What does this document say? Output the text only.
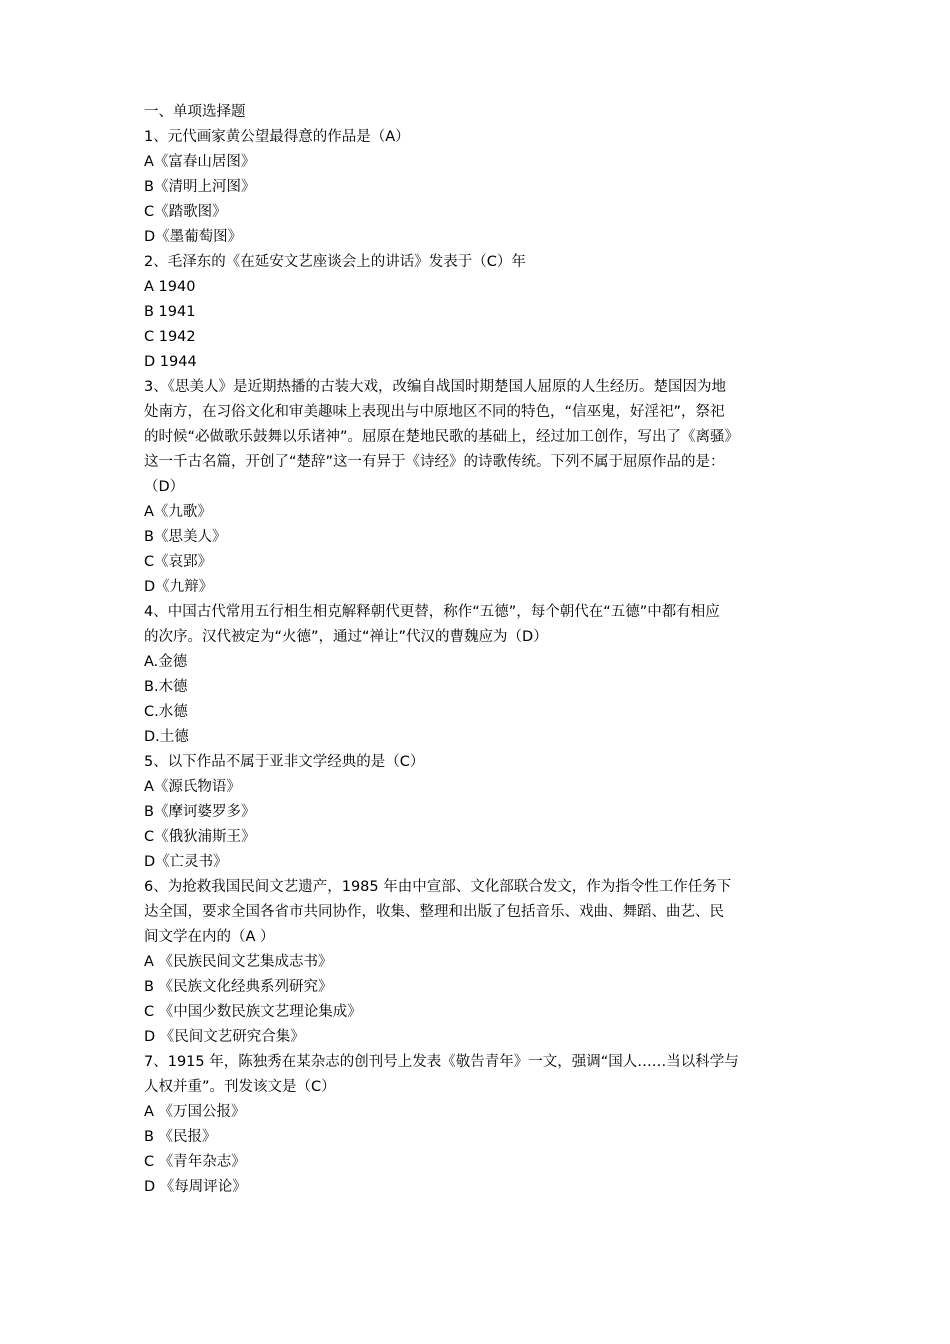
一、单项选择题
1、元代画家黄公望最得意的作品是（A）
A《富春山居图》
B《清明上河图》
C《踏歌图》
D《墨葡萄图》
2、毛泽东的《在延安文艺座谈会上的讲话》发表于（C）年
A 1940
B 1941
C 1942
D 1944
3、《思美人》是近期热播的古装大戏，改编自战国时期楚国人屈原的人生经历。楚国因为地
处南方，在习俗文化和审美趣味上表现出与中原地区不同的特色，“信巫鬼，好淫祀”，祭祀
的时候“必做歌乐鼓舞以乐诸神”。屈原在楚地民歌的基础上，经过加工创作，写出了《离骚》
这一千古名篇，开创了“楚辞”这一有异于《诗经》的诗歌传统。下列不属于屈原作品的是：
（D）
A《九歌》
B《思美人》
C《哀郢》
D《九辩》
4、中国古代常用五行相生相克解释朝代更替，称作“五德”，每个朝代在“五德”中都有相应
的次序。汉代被定为“火德”，通过“禅让”代汉的曹魏应为（D）
A.金德
B.木德
C.水德
D.土德
5、以下作品不属于亚非文学经典的是（C）
A《源氏物语》
B《摩诃婆罗多》
C《俄狄浦斯王》
D《亡灵书》
6、为抢救我国民间文艺遗产，1985 年由中宣部、文化部联合发文，作为指令性工作任务下
达全国，要求全国各省市共同协作，收集、整理和出版了包括音乐、戏曲、舞蹈、曲艺、民
间文学在内的（A ）
A 《民族民间文艺集成志书》
B 《民族文化经典系列研究》
C 《中国少数民族文艺理论集成》
D 《民间文艺研究合集》
7、1915 年，陈独秀在某杂志的创刊号上发表《敬告青年》一文，强调“国人……当以科学与
人权并重”。刊发该文是（C）
A 《万国公报》
B 《民报》
C 《青年杂志》
D 《每周评论》
